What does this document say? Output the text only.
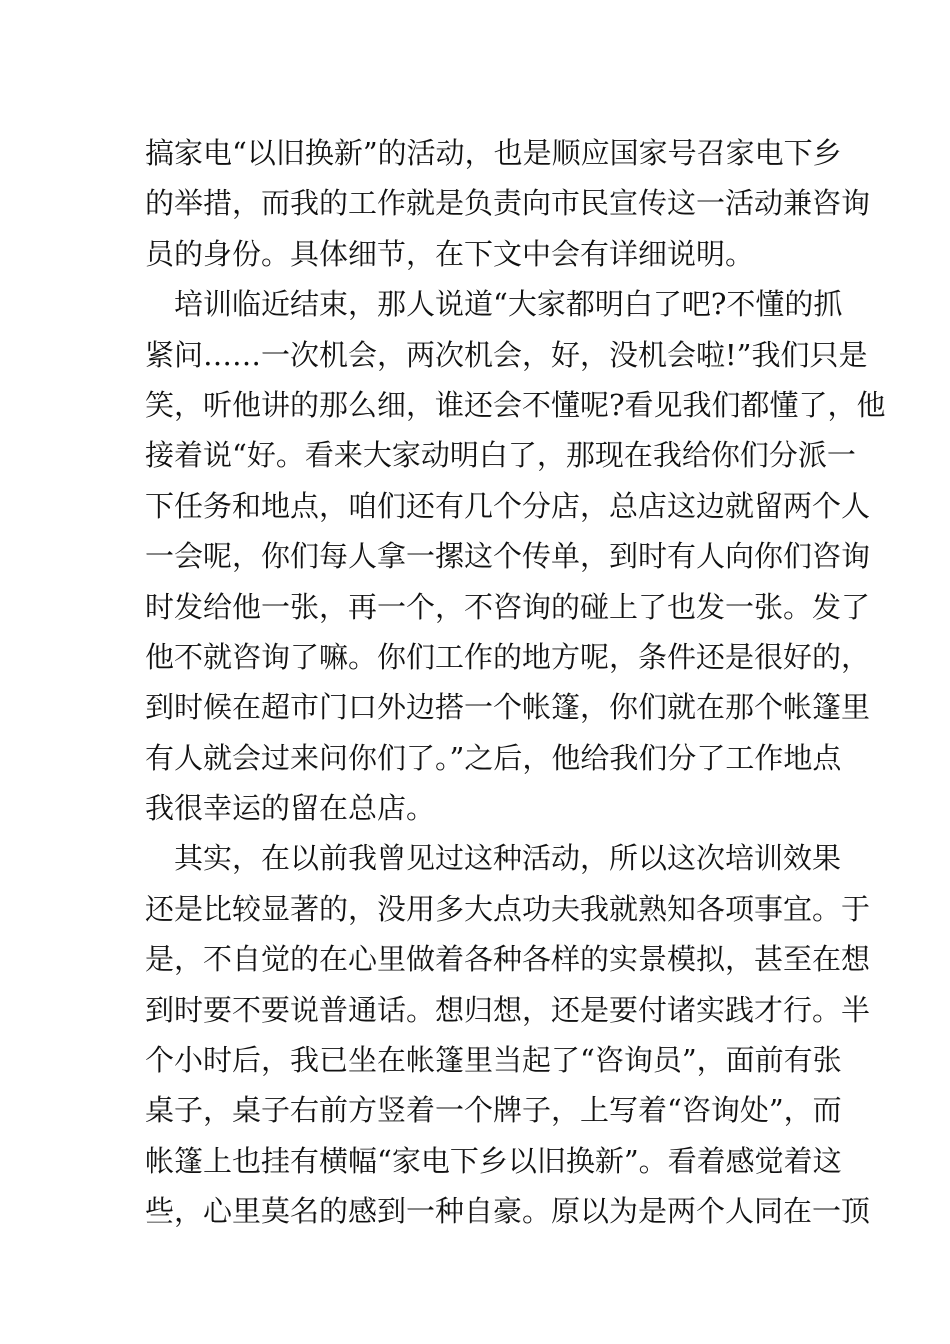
搞家电“以旧换新”的活动，也是顺应国家号召家电下乡
的举措，而我的工作就是负责向市民宣传这一活动兼咨询
员的身份。具体细节，在下文中会有详细说明。
　培训临近结束，那人说道“大家都明白了吧?不懂的抓
紧问……一次机会，两次机会，好，没机会啦!”我们只是
笑，听他讲的那么细，谁还会不懂呢?看见我们都懂了，他
接着说“好。看来大家动明白了，那现在我给你们分派一
下任务和地点，咱们还有几个分店，总店这边就留两个人
一会呢，你们每人拿一摞这个传单，到时有人向你们咨询
时发给他一张，再一个，不咨询的碰上了也发一张。发了
他不就咨询了嘛。你们工作的地方呢，条件还是很好的，
到时候在超市门口外边搭一个帐篷，你们就在那个帐篷里
有人就会过来问你们了。”之后，他给我们分了工作地点
我很幸运的留在总店。
　其实，在以前我曾见过这种活动，所以这次培训效果
还是比较显著的，没用多大点功夫我就熟知各项事宜。于
是，不自觉的在心里做着各种各样的实景模拟，甚至在想
到时要不要说普通话。想归想，还是要付诸实践才行。半
个小时后，我已坐在帐篷里当起了“咨询员”，面前有张
桌子，桌子右前方竖着一个牌子，上写着“咨询处”，而
帐篷上也挂有横幅“家电下乡以旧换新”。看着感觉着这
些，心里莫名的感到一种自豪。原以为是两个人同在一顶
